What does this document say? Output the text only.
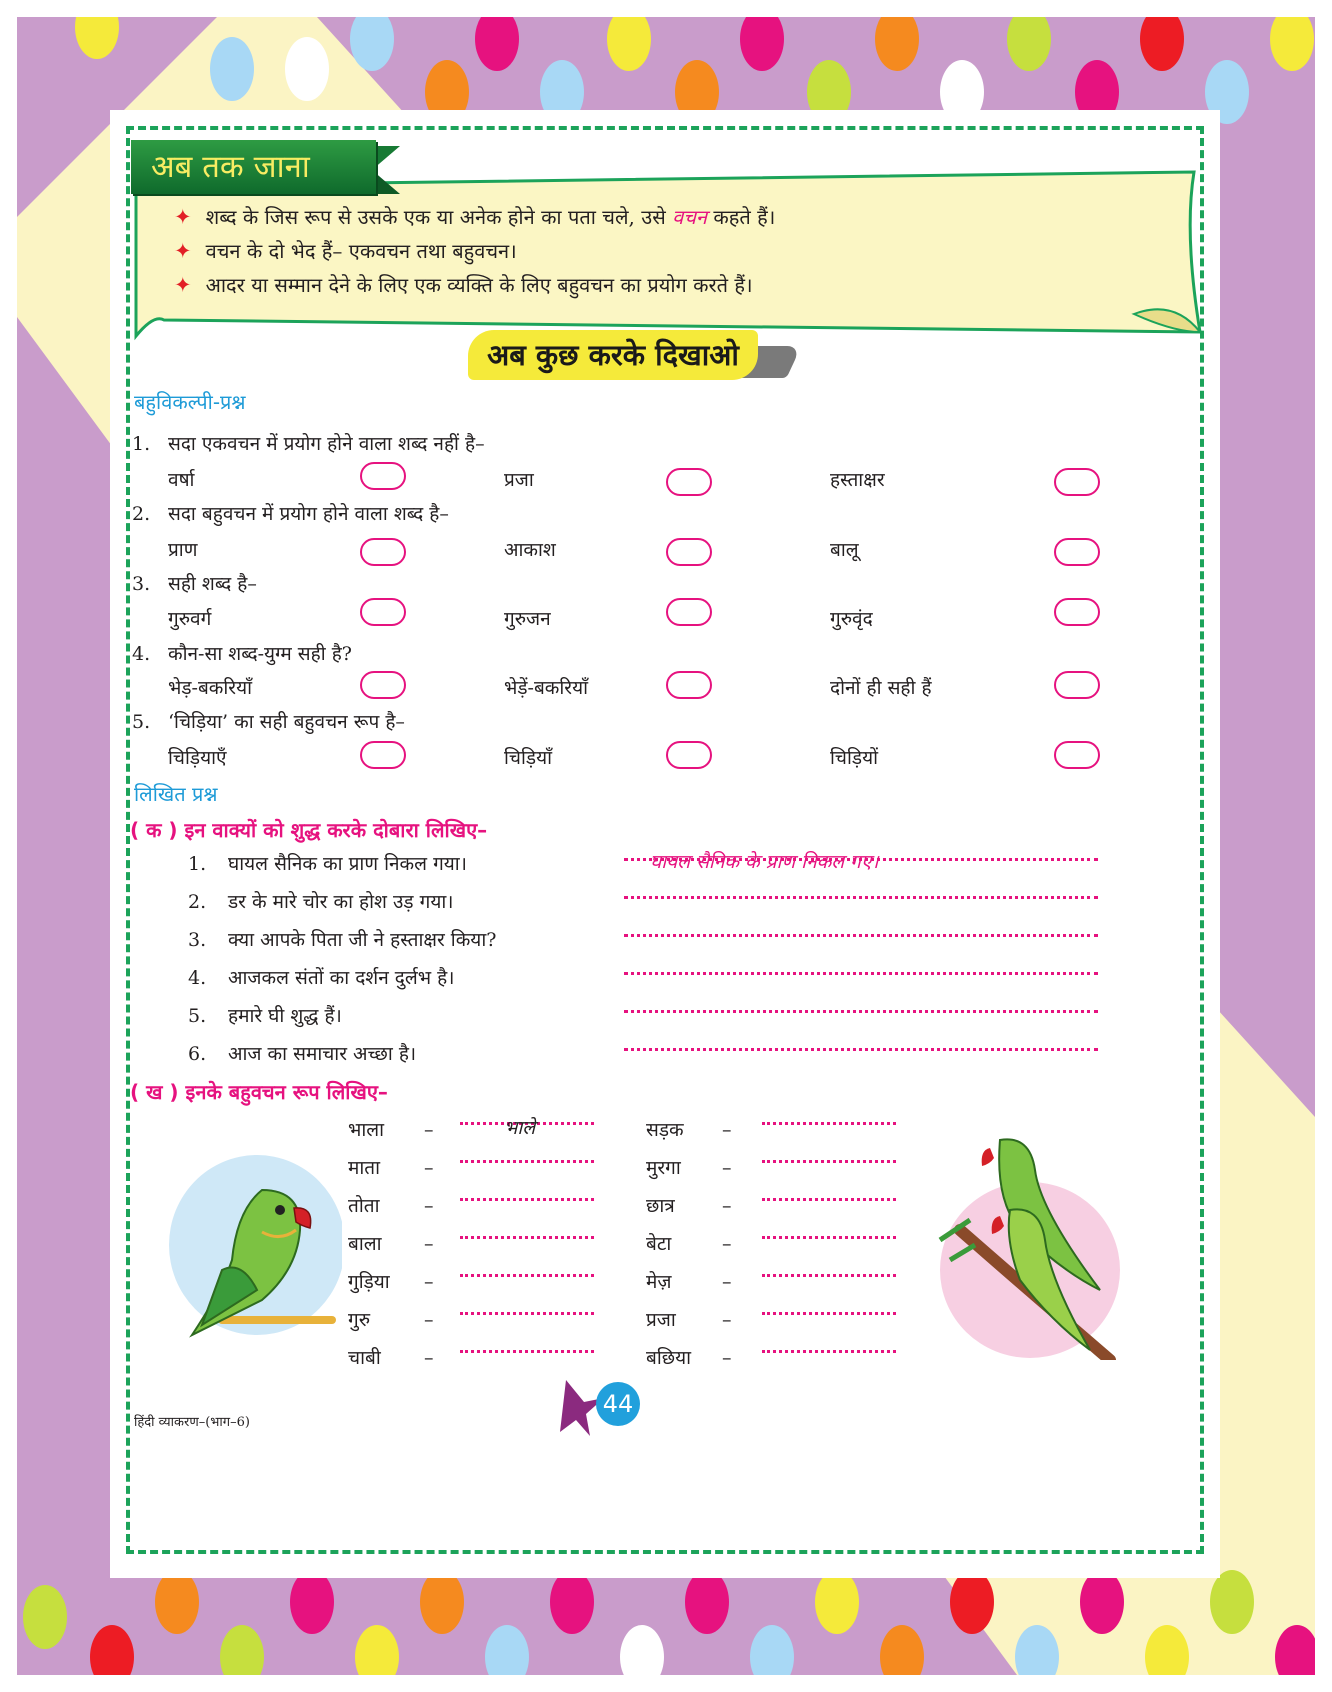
✦ शब्द के जिस रूप से उसके एक या अनेक होने का पता चले, उसे वचन कहते हैं।
✦ वचन के दो भेद हैं– एकवचन तथा बहुवचन।
✦ आदर या सम्मान देने के लिए एक व्यक्ति के लिए बहुवचन का प्रयोग करते हैं।
अब तक जाना
अब कुछ करके दिखाओ
बहुविकल्पी-प्रश्न
1. सदा एकवचन में प्रयोग होने वाला शब्द नहीं है–
वर्षा	प्रजा	हस्ताक्षर
2. सदा बहुवचन में प्रयोग होने वाला शब्द है–
प्राण	आकाश	बालू
3. सही शब्द है–
गुरुवर्ग	गुरुजन	गुरुवृंद
4. कौन-सा शब्द-युग्म सही है?
भेड़-बकरियाँ	भेड़ें-बकरियाँ	दोनों ही सही हैं
5. ‘चिड़िया’ का सही बहुवचन रूप है–
चिड़ियाएँ	चिड़ियाँ	चिड़ियों
लिखित प्रश्न
( क ) इन वाक्यों को शुद्ध करके दोबारा लिखिए–
1. घायल सैनिक का प्राण निकल गया।	घायल सैनिक के प्राण निकल गए।
2. डर के मारे चोर का होश उड़ गया।
3. क्या आपके पिता जी ने हस्ताक्षर किया?
4. आजकल संतों का दर्शन दुर्लभ है।
5. हमारे घी शुद्ध हैं।
6. आज का समाचार अच्छा है।
( ख ) इनके बहुवचन रूप लिखिए–
भाला –	भाले
माता –
तोता –
बाला –
गुड़िया –
गुरु	–
चाबी –
सड़क –
मुरगा –
छात्र –
बेटा	–
मेज़	–
प्रजा –
बछिया –
हिंदी व्याकरण–(भाग–6)
44
